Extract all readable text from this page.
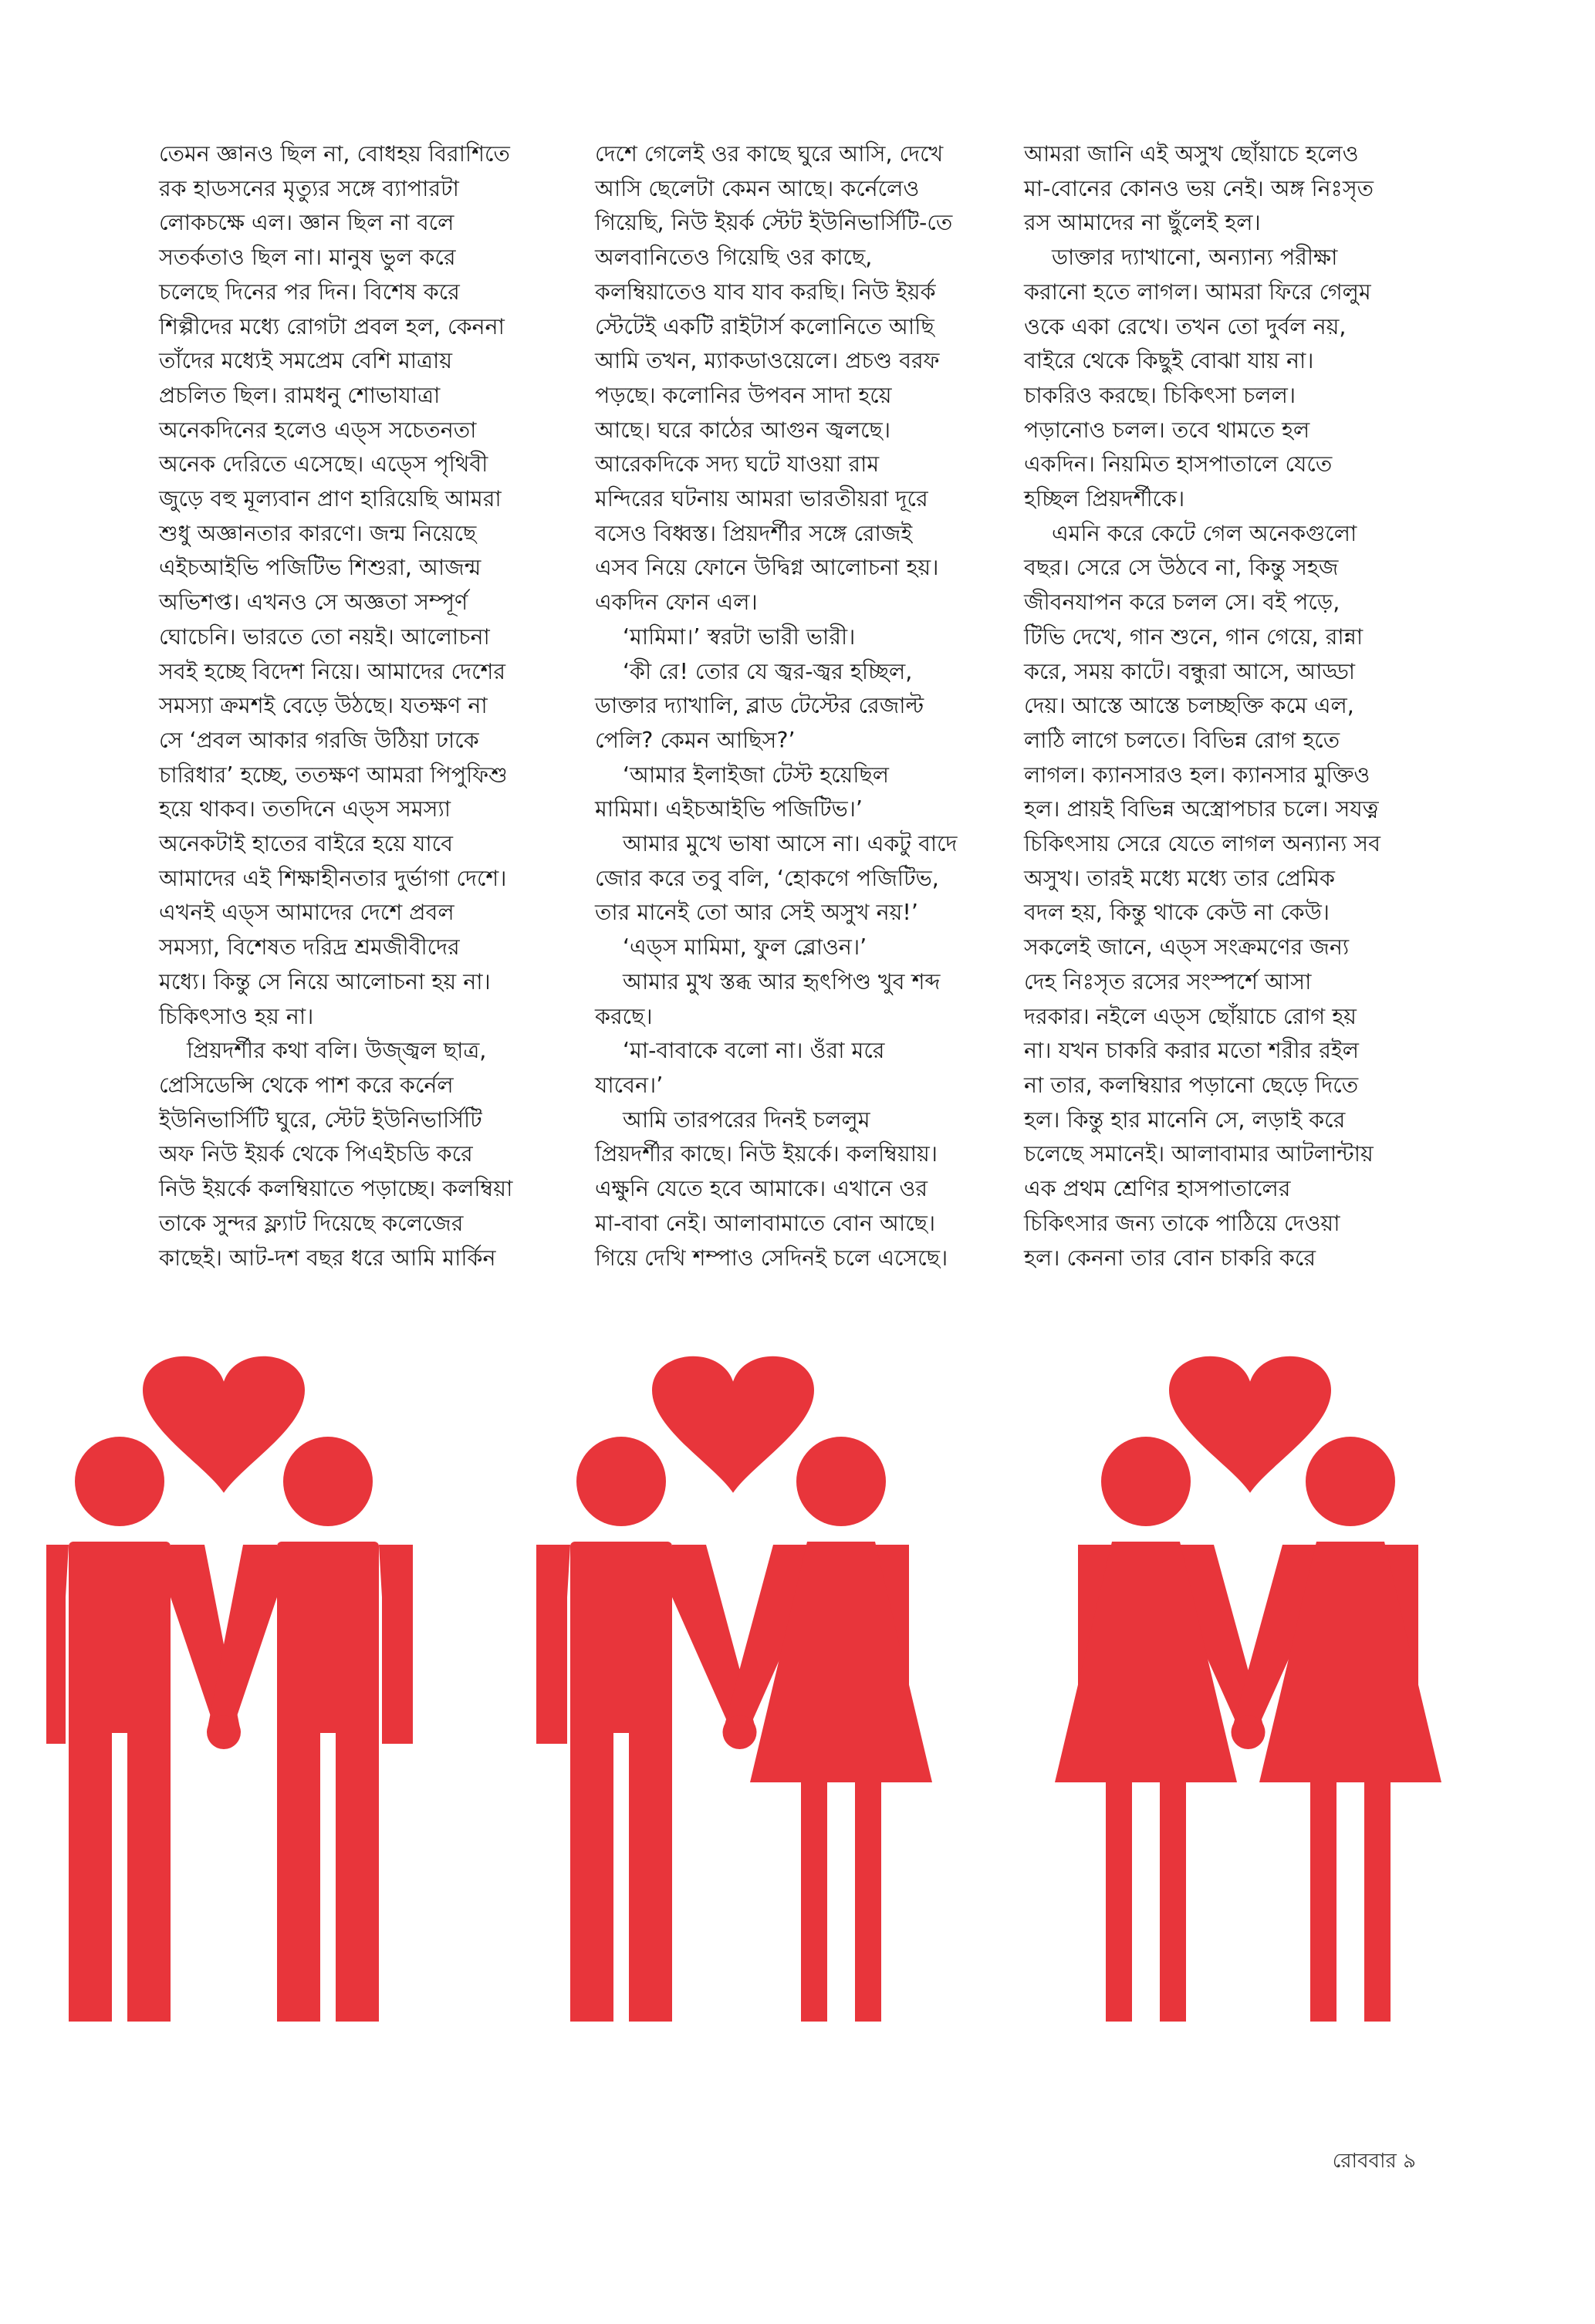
তেমন জ্ঞানও ছিল না, বোধহয় বিরাশিতে

রক হাডসনের মৃত্যুর সঙ্গে ব্যাপারটা

লোকচক্ষে এল। জ্ঞান ছিল না বলে

সতর্কতাও ছিল না। মানুষ ভুল করে

চলেছে দিনের পর দিন। বিশেষ করে

শিল্পীদের মধ্যে রোগটা প্রবল হল, কেননা

তাঁদের মধ্যেই সমপ্রেম বেশি মাত্রায়

প্রচলিত ছিল। রামধনু শোভাযাত্রা

অনেকদিনের হলেও এড্স সচেতনতা

অনেক দেরিতে এসেছে। এড্সে পৃথিবী

জুড়ে বহু মূল্যবান প্রাণ হারিয়েছি আমরা

শুধু অজ্ঞানতার কারণে। জন্ম নিয়েছে

এইচআইভি পজিটিভ শিশুরা, আজন্ম

অভিশপ্ত। এখনও সে অজ্ঞতা সম্পূর্ণ

ঘোচেনি। ভারতে তো নয়ই। আলোচনা

সবই হচ্ছে বিদেশ নিয়ে। আমাদের দেশের

সমস্যা ক্রমশই বেড়ে উঠছে। যতক্ষণ না

সে ‘প্রবল আকার গরজি উঠিয়া ঢাকে

চারিধার’ হচ্ছে, ততক্ষণ আমরা পিপুফিশু

হয়ে থাকব। ততদিনে এড্স সমস্যা

অনেকটাই হাতের বাইরে হয়ে যাবে

আমাদের এই শিক্ষাহীনতার দুর্ভাগা দেশে।

এখনই এড্স আমাদের দেশে প্রবল

সমস্যা, বিশেষত দরিদ্র শ্রমজীবীদের

মধ্যে। কিন্তু সে নিয়ে আলোচনা হয় না।

চিকিৎসাও হয় না।

প্রিয়দর্শীর কথা বলি। উজ্জ্বল ছাত্র,

প্রেসিডেন্সি থেকে পাশ করে কর্নেল

ইউনিভার্সিটি ঘুরে, স্টেট ইউনিভার্সিটি

অফ নিউ ইয়র্ক থেকে পিএইচডি করে

নিউ ইয়র্কে কলম্বিয়াতে পড়াচ্ছে। কলম্বিয়া

তাকে সুন্দর ফ্ল্যাট দিয়েছে কলেজের

কাছেই। আট-দশ বছর ধরে আমি মার্কিন

দেশে গেলেই ওর কাছে ঘুরে আসি, দেখে

আসি ছেলেটা কেমন আছে। কর্নেলেও

গিয়েছি, নিউ ইয়র্ক স্টেট ইউনিভার্সিটি-তে

অলবানিতেও গিয়েছি ওর কাছে,

কলম্বিয়াতেও যাব যাব করছি। নিউ ইয়র্ক

স্টেটেই একটি রাইটার্স কলোনিতে আছি

আমি তখন, ম্যাকডাওয়েলে। প্রচণ্ড বরফ

পড়ছে। কলোনির উপবন সাদা হয়ে

আছে। ঘরে কাঠের আগুন জ্বলছে।

আরেকদিকে সদ্য ঘটে যাওয়া রাম

মন্দিরের ঘটনায় আমরা ভারতীয়রা দূরে

বসেও বিধ্বস্ত। প্রিয়দর্শীর সঙ্গে রোজই

এসব নিয়ে ফোনে উদ্বিগ্ন আলোচনা হয়।

একদিন ফোন এল।

‘মামিমা।’ স্বরটা ভারী ভারী।

‘কী রে! তোর যে জ্বর-জ্বর হচ্ছিল,

ডাক্তার দ্যাখালি, ব্লাড টেস্টের রেজাল্ট

পেলি? কেমন আছিস?’

‘আমার ইলাইজা টেস্ট হয়েছিল

মামিমা। এইচআইভি পজিটিভ।’

আমার মুখে ভাষা আসে না। একটু বাদে

জোর করে তবু বলি, ‘হোকগে পজিটিভ,

তার মানেই তো আর সেই অসুখ নয়!’

‘এড্স মামিমা, ফুল ব্লোওন।’

আমার মুখ স্তব্ধ আর হৃৎপিণ্ড খুব শব্দ

করছে।

‘মা-বাবাকে বলো না। ওঁরা মরে

যাবেন।’

আমি তারপরের দিনই চললুম

প্রিয়দর্শীর কাছে। নিউ ইয়র্কে। কলম্বিয়ায়।

এক্ষুনি যেতে হবে আমাকে। এখানে ওর

মা-বাবা নেই। আলাবামাতে বোন আছে।

গিয়ে দেখি শম্পাও সেদিনই চলে এসেছে।

আমরা জানি এই অসুখ ছোঁয়াচে হলেও

মা-বোনের কোনও ভয় নেই। অঙ্গ নিঃসৃত

রস আমাদের না ছুঁলেই হল।

ডাক্তার দ্যাখানো, অন্যান্য পরীক্ষা

করানো হতে লাগল। আমরা ফিরে গেলুম

ওকে একা রেখে। তখন তো দুর্বল নয়,

বাইরে থেকে কিছুই বোঝা যায় না।

চাকরিও করছে। চিকিৎসা চলল।

পড়ানোও চলল। তবে থামতে হল

একদিন। নিয়মিত হাসপাতালে যেতে

হচ্ছিল প্রিয়দর্শীকে।

এমনি করে কেটে গেল অনেকগুলো

বছর। সেরে সে উঠবে না, কিন্তু সহজ

জীবনযাপন করে চলল সে। বই পড়ে,

টিভি দেখে, গান শুনে, গান গেয়ে, রান্না

করে, সময় কাটে। বন্ধুরা আসে, আড্ডা

দেয়। আস্তে আস্তে চলচ্ছক্তি কমে এল,

লাঠি লাগে চলতে। বিভিন্ন রোগ হতে

লাগল। ক্যানসারও হল। ক্যানসার মুক্তিও

হল। প্রায়ই বিভিন্ন অস্ত্রোপচার চলে। সযত্ন

চিকিৎসায় সেরে যেতে লাগল অন্যান্য সব

অসুখ। তারই মধ্যে মধ্যে তার প্রেমিক

বদল হয়, কিন্তু থাকে কেউ না কেউ।

সকলেই জানে, এড্স সংক্রমণের জন্য

দেহ নিঃসৃত রসের সংস্পর্শে আসা

দরকার। নইলে এড্স ছোঁয়াচে রোগ হয়

না। যখন চাকরি করার মতো শরীর রইল

না তার, কলম্বিয়ার পড়ানো ছেড়ে দিতে

হল। কিন্তু হার মানেনি সে, লড়াই করে

চলেছে সমানেই। আলাবামার আটলান্টায়

এক প্রথম শ্রেণির হাসপাতালের

চিকিৎসার জন্য তাকে পাঠিয়ে দেওয়া

হল। কেননা তার বোন চাকরি করে

রোববার ৯
